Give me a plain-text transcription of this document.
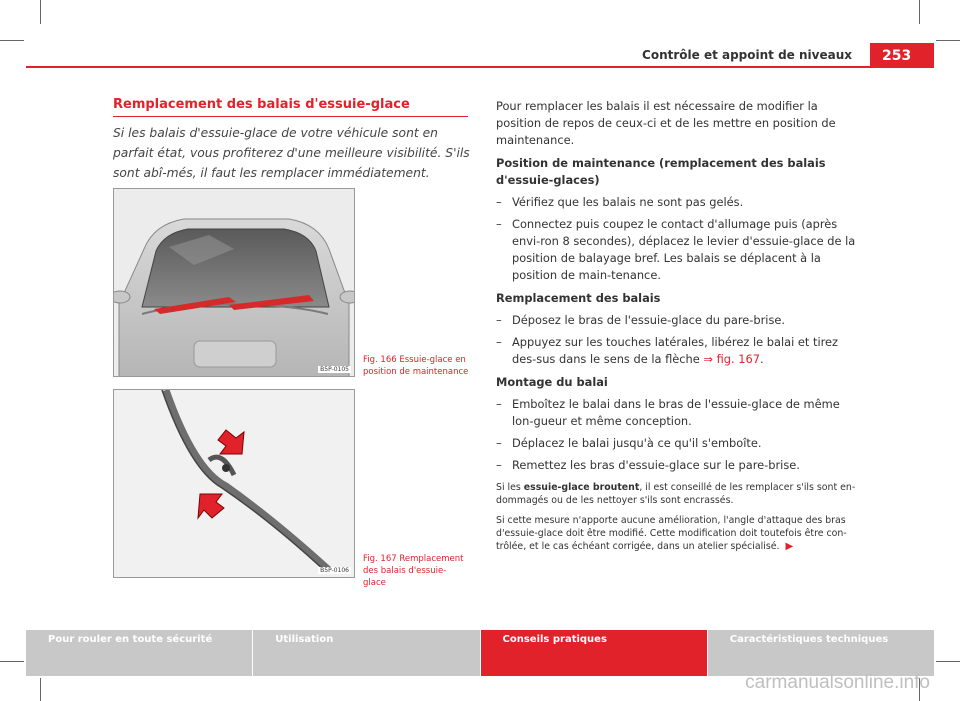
Contrôle et appoint de niveaux	253
Remplacement des balais d'essuie-glace
Si les balais d'essuie-glace de votre véhicule sont en parfait état, vous profiterez d'une meilleure visibilité. S'ils sont abî-més, il faut les remplacer immédiatement.
B5P-0105
Fig. 166 Essuie-glace en position de maintenance
B5P-0106
Fig. 167 Remplacement des balais d'essuie-glace

Pour remplacer les balais il est nécessaire de modifier la position de repos de ceux-ci et de les mettre en position de maintenance.

Position de maintenance (remplacement des balais d'essuie-glaces)

– Vérifiez que les balais ne sont pas gelés.
– Connectez puis coupez le contact d'allumage puis (après envi-ron 8 secondes), déplacez le levier d'essuie-glace de la position de balayage bref. Les balais se déplacent à la position de main-tenance.

Remplacement des balais

– Déposez le bras de l'essuie-glace du pare-brise.
– Appuyez sur les touches latérales, libérez le balai et tirez des-sus dans le sens de la flèche ⇒ fig. 167.

Montage du balai

– Emboîtez le balai dans le bras de l'essuie-glace de même lon-gueur et même conception.
– Déplacez le balai jusqu'à ce qu'il s'emboîte.
– Remettez les bras d'essuie-glace sur le pare-brise.

Si les essuie-glace broutent, il est conseillé de les remplacer s'ils sont en-dommagés ou de les nettoyer s'ils sont encrassés.

Si cette mesure n'apporte aucune amélioration, l'angle d'attaque des bras d'essuie-glace doit être modifié. Cette modification doit toutefois être con-trôlée, et le cas échéant corrigée, dans un atelier spécialisé. ▶

Pour rouler en toute sécurité	Utilisation	Conseils pratiques	Caractéristiques techniques
carmanualsonline.info
